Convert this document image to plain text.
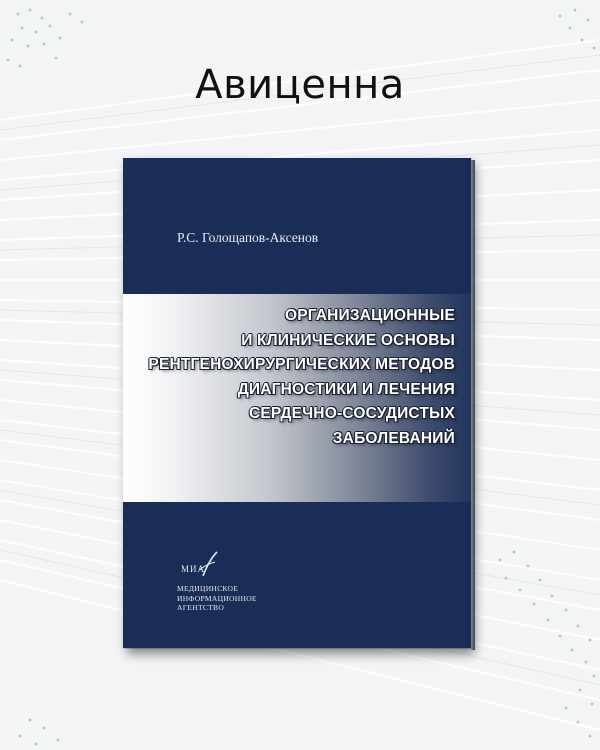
Авиценна
Р.С. Голощапов-Аксенов
ОРГАНИЗАЦИОННЫЕ
И КЛИНИЧЕСКИЕ ОСНОВЫ
РЕНТГЕНОХИРУРГИЧЕСКИХ МЕТОДОВ
ДИАГНОСТИКИ И ЛЕЧЕНИЯ
СЕРДЕЧНО-СОСУДИСТЫХ
ЗАБОЛЕВАНИЙ
МИА
МЕДИЦИНСКОЕ
ИНФОРМАЦИОННОЕ
АГЕНТСТВО
